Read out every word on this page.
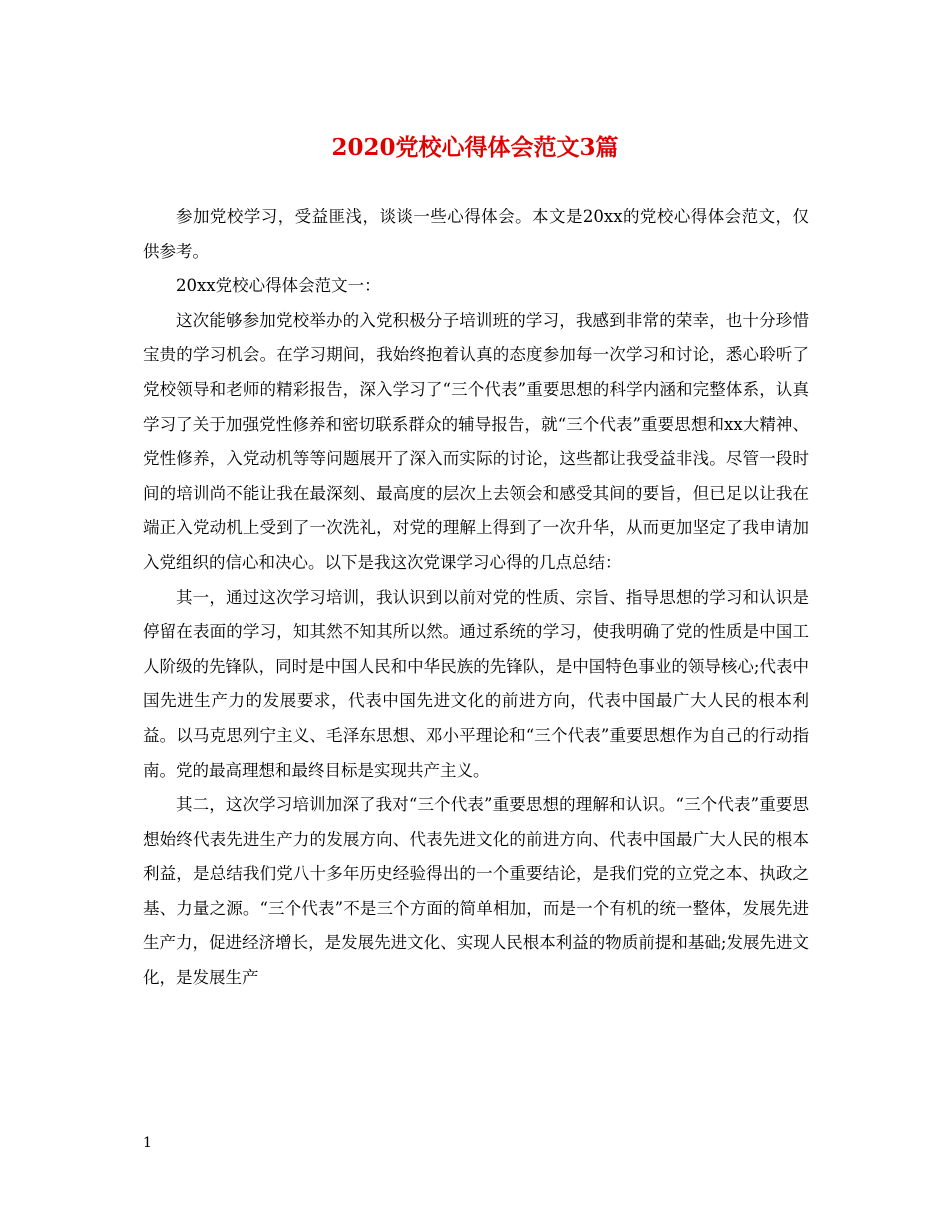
2020党校心得体会范文3篇

参加党校学习，受益匪浅，谈谈一些心得体会。本文是20xx的党校心得体会范文，仅供参考。

20xx党校心得体会范文一：

这次能够参加党校举办的入党积极分子培训班的学习，我感到非常的荣幸，也十分珍惜宝贵的学习机会。在学习期间，我始终抱着认真的态度参加每一次学习和讨论，悉心聆听了党校领导和老师的精彩报告，深入学习了“三个代表”重要思想的科学内涵和完整体系，认真学习了关于加强党性修养和密切联系群众的辅导报告，就“三个代表”重要思想和xx大精神、党性修养，入党动机等等问题展开了深入而实际的讨论，这些都让我受益非浅。尽管一段时间的培训尚不能让我在最深刻、最高度的层次上去领会和感受其间的要旨，但已足以让我在端正入党动机上受到了一次洗礼，对党的理解上得到了一次升华，从而更加坚定了我申请加入党组织的信心和决心。以下是我这次党课学习心得的几点总结：

其一，通过这次学习培训，我认识到以前对党的性质、宗旨、指导思想的学习和认识是停留在表面的学习，知其然不知其所以然。通过系统的学习，使我明确了党的性质是中国工人阶级的先锋队，同时是中国人民和中华民族的先锋队，是中国特色事业的领导核心;代表中国先进生产力的发展要求，代表中国先进文化的前进方向，代表中国最广大人民的根本利益。以马克思列宁主义、毛泽东思想、邓小平理论和“三个代表”重要思想作为自己的行动指南。党的最高理想和最终目标是实现共产主义。

其二，这次学习培训加深了我对“三个代表”重要思想的理解和认识。“三个代表”重要思想始终代表先进生产力的发展方向、代表先进文化的前进方向、代表中国最广大人民的根本利益，是总结我们党八十多年历史经验得出的一个重要结论，是我们党的立党之本、执政之基、力量之源。“三个代表”不是三个方面的简单相加，而是一个有机的统一整体，发展先进生产力，促进经济增长，是发展先进文化、实现人民根本利益的物质前提和基础;发展先进文化，是发展生产

1
